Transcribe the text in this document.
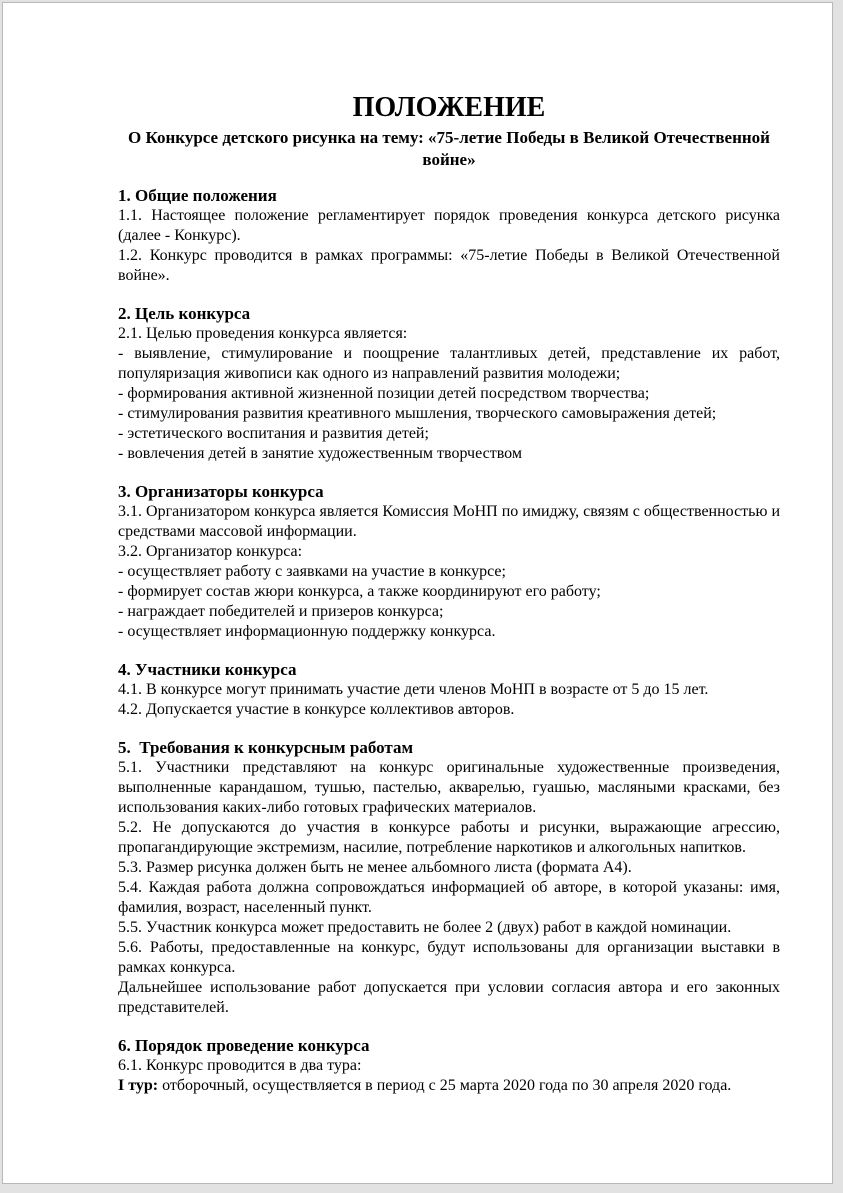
ПОЛОЖЕНИЕ
О Конкурсе детского рисунка на тему: «75-летие Победы в Великой Отечественной войне»
1. Общие положения

1.1. Настоящее положение регламентирует порядок проведения конкурса детского рисунка (далее - Конкурс).

1.2. Конкурс проводится в рамках программы: «75-летие Победы в Великой Отечественной войне».

2. Цель конкурса

2.1. Целью проведения конкурса является:

- выявление, стимулирование и поощрение талантливых детей, представление их работ, популяризация живописи как одного из направлений развития молодежи;

- формирования активной жизненной позиции детей посредством творчества;

- стимулирования развития креативного мышления, творческого самовыражения детей;

- эстетического воспитания и развития детей;

- вовлечения детей в занятие художественным творчеством

3. Организаторы конкурса

3.1. Организатором конкурса является Комиссия МоНП по имиджу, связям с общественностью и средствами массовой информации.

3.2. Организатор конкурса:

- осуществляет работу с заявками на участие в конкурсе;

- формирует состав жюри конкурса, а также координируют его работу;

- награждает победителей и призеров конкурса;

- осуществляет информационную поддержку конкурса.

4. Участники конкурса

4.1. В конкурсе могут принимать участие дети членов МоНП в возрасте от 5 до 15 лет.

4.2. Допускается участие в конкурсе коллективов авторов.

5.  Требования к конкурсным работам

5.1. Участники представляют на конкурс оригинальные художественные произведения, выполненные карандашом, тушью, пастелью, акварелью, гуашью, масляными красками, без использования каких-либо готовых графических материалов.

5.2. Не допускаются до участия в конкурсе работы и рисунки, выражающие агрессию, пропагандирующие экстремизм, насилие, потребление наркотиков и алкогольных напитков.

5.3. Размер рисунка должен быть не менее альбомного листа (формата А4).

5.4. Каждая работа должна сопровождаться информацией об авторе, в которой указаны: имя, фамилия, возраст, населенный пункт.

5.5. Участник конкурса может предоставить не более 2 (двух) работ в каждой номинации.

5.6. Работы, предоставленные на конкурс, будут использованы для организации выставки в рамках конкурса.

Дальнейшее использование работ допускается при условии согласия автора и его законных представителей.

6. Порядок проведение конкурса

6.1. Конкурс проводится в два тура:

I тур: отборочный, осуществляется в период с 25 марта 2020 года по 30 апреля 2020 года.
